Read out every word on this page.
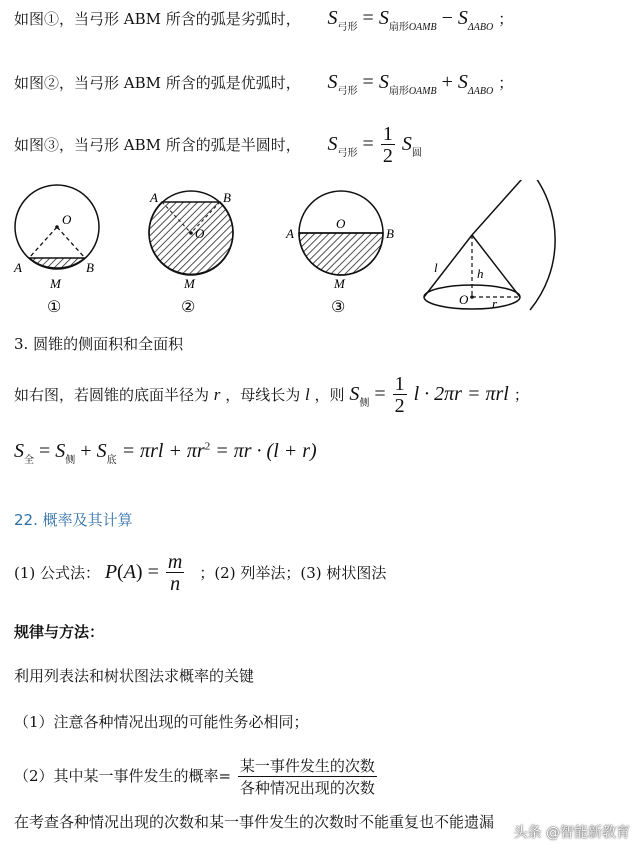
如图①，当弓形 ABM 所含的弧是劣弧时， $S_{弓形} = S_{扇形OAMB} - S_{\Delta ABO}$ ；
如图②，当弓形 ABM 所含的弧是优弧时， $S_{弓形} = S_{扇形OAMB} + S_{\Delta ABO}$ ；
如图③，当弓形 ABM 所含的弧是半圆时， $S_{弓形} = \frac{1}{2} S_圆$
O
A	B
M
①
O
A	B
M
②
O
A	B
M
③
l	h
O r
3. 圆锥的侧面积和全面积
如右图，若圆锥的底面半径为 r ，母线长为 l ，则 $S_侧 = \frac{1}{2}$ l · 2πr = πrl ；
$S_全 = S_侧 + S_底 = \pi rl + \pi r^2 = \pi r \cdot (l + r)$
22. 概率及其计算
(1) 公式法： $P(A) = \frac{m}{n}$ ；(2) 列举法；(3) 树状图法
规律与方法：
利用列表法和树状图法求概率的关键
（1）注意各种情况出现的可能性务必相同；
（2）其中某一事件发生的概率= $\frac{\text{某一事件发生的次数}}{\text{各种情况出现的次数}}$
在考查各种情况出现的次数和某一事件发生的次数时不能重复也不能遗漏
头条 @智能新教育
